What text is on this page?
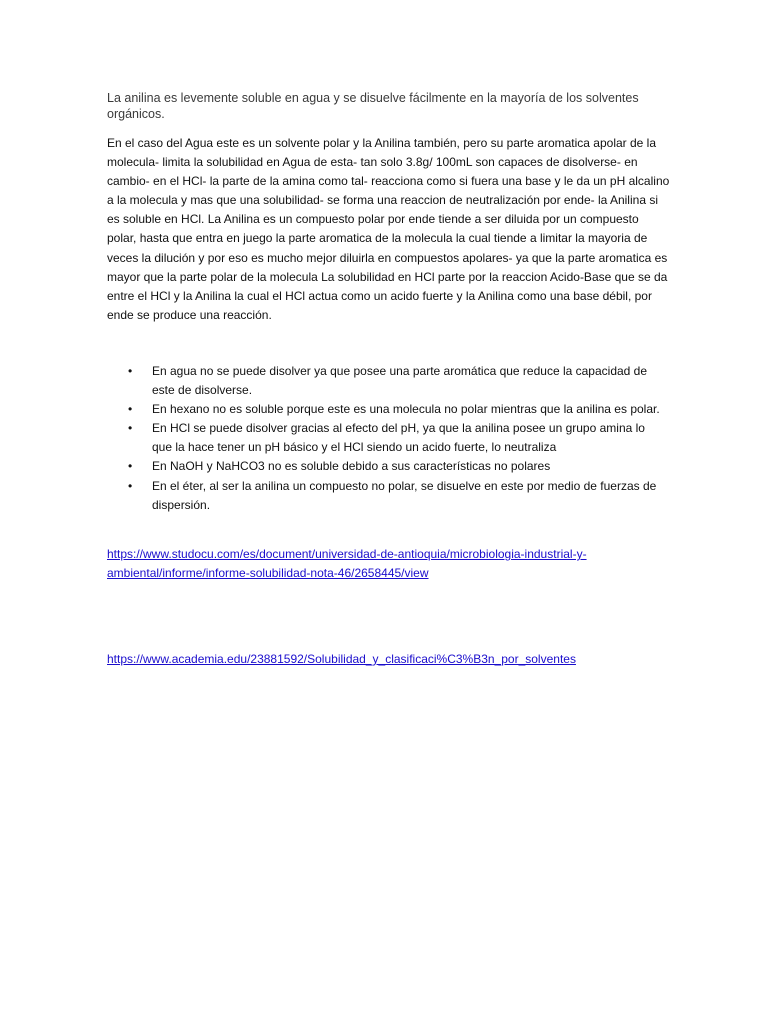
La anilina es levemente soluble en agua y se disuelve fácilmente en la mayoría de los solventes orgánicos.

En el caso del Agua este es un solvente polar y la Anilina también, pero su parte aromatica apolar de la molecula- limita la solubilidad en Agua de esta- tan solo 3.8g/ 100mL son capaces de disolverse- en cambio- en el HCl- la parte de la amina como tal- reacciona como si fuera una base y le da un pH alcalino a la molecula y mas que una solubilidad- se forma una reaccion de neutralización por ende- la Anilina si es soluble en HCl. La Anilina es un compuesto polar por ende tiende a ser diluida por un compuesto polar, hasta que entra en juego la parte aromatica de la molecula la cual tiende a limitar la mayoria de veces la dilución y por eso es mucho mejor diluirla en compuestos apolares- ya que la parte aromatica es mayor que la parte polar de la molecula La solubilidad en HCl parte por la reaccion Acido-Base que se da entre el HCl y la Anilina la cual el HCl actua como un acido fuerte y la Anilina como una base débil, por ende se produce una reacción.

• En agua no se puede disolver ya que posee una parte aromática que reduce la capacidad de este de disolverse.
• En hexano no es soluble porque este es una molecula no polar mientras que la anilina es polar.
• En HCl se puede disolver gracias al efecto del pH, ya que la anilina posee un grupo amina lo que la hace tener un pH básico y el HCl siendo un acido fuerte, lo neutraliza
• En NaOH y NaHCO3 no es soluble debido a sus características no polares
• En el éter, al ser la anilina un compuesto no polar, se disuelve en este por medio de fuerzas de dispersión.
https://www.studocu.com/es/document/universidad-de-antioquia/microbiologia-industrial-y-ambiental/informe/informe-solubilidad-nota-46/2658445/view
https://www.academia.edu/23881592/Solubilidad_y_clasificaci%C3%B3n_por_solventes
